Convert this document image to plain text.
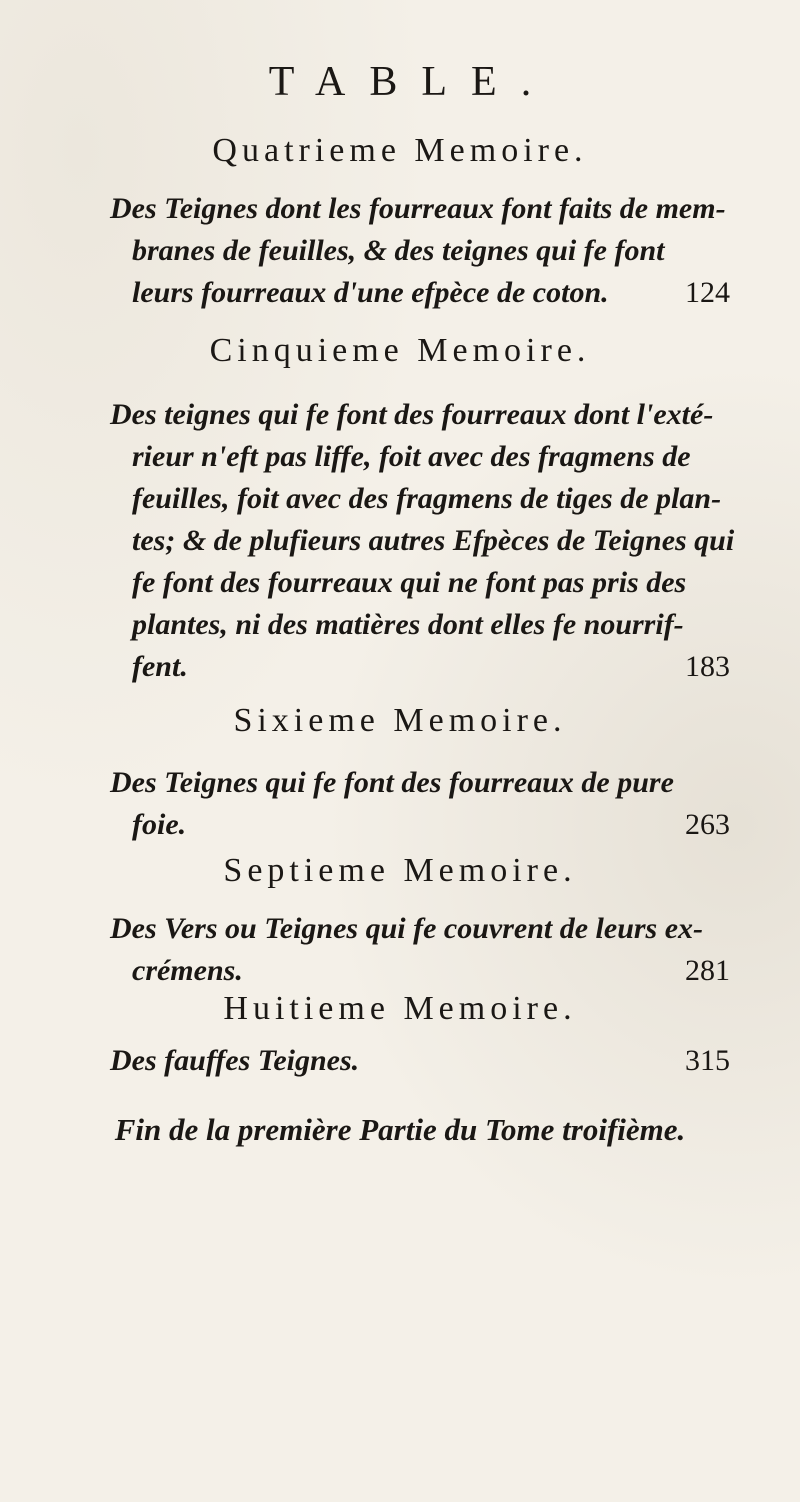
TABLE.
Quatrieme Memoire.
Des Teignes dont les fourreaux font faits de mem-
branes de feuilles, & des teignes qui fe font
leurs fourreaux d'une efpèce de coton.	124
Cinquieme Memoire.
Des teignes qui fe font des fourreaux dont l'exté-
rieur n'eft pas liffe, foit avec des fragmens de
feuilles, foit avec des fragmens de tiges de plan-
tes; & de plufieurs autres Efpèces de Teignes qui
fe font des fourreaux qui ne font pas pris des
plantes, ni des matières dont elles fe nourrif-
fent.	183
Sixieme Memoire.
Des Teignes qui fe font des fourreaux de pure
foie.	263
Septieme Memoire.
Des Vers ou Teignes qui fe couvrent de leurs ex-
crémens.	281
Huitieme Memoire.
Des fauffes Teignes.	315
Fin de la première Partie du Tome troifième.
